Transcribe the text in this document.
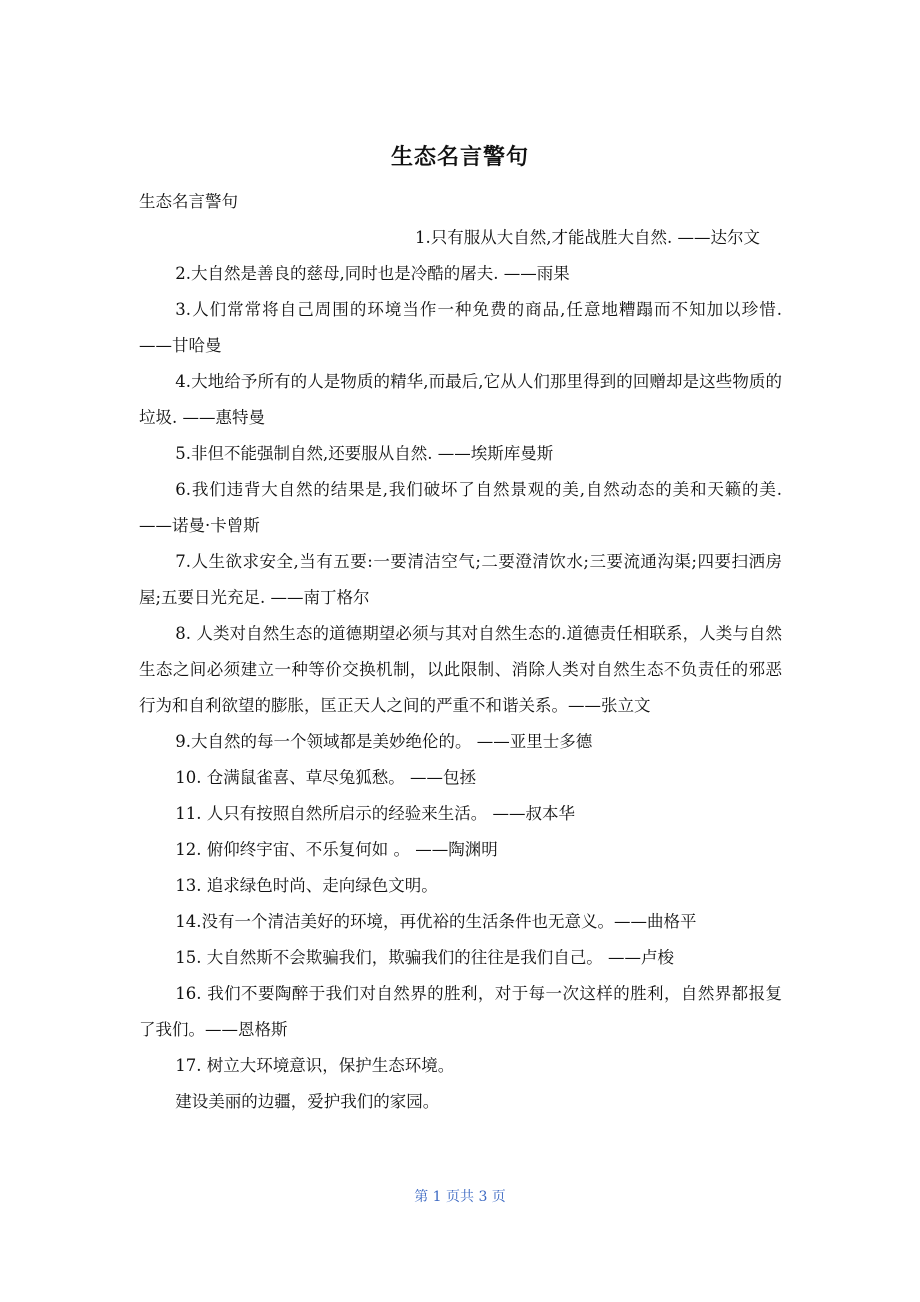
生态名言警句

生态名言警句

1.只有服从大自然,才能战胜大自然. ——达尔文

2.大自然是善良的慈母,同时也是冷酷的屠夫. ——雨果

3.人们常常将自己周围的环境当作一种免费的商品,任意地糟蹋而不知加以珍惜. ——甘哈曼

4.大地给予所有的人是物质的精华,而最后,它从人们那里得到的回赠却是这些物质的垃圾. ——惠特曼

5.非但不能强制自然,还要服从自然. ——埃斯库曼斯

6.我们违背大自然的结果是,我们破坏了自然景观的美,自然动态的美和天籁的美. ——诺曼·卡曾斯

7.人生欲求安全,当有五要:一要清洁空气;二要澄清饮水;三要流通沟渠;四要扫洒房屋;五要日光充足. ——南丁格尔

8. 人类对自然生态的道德期望必须与其对自然生态的.道德责任相联系，人类与自然生态之间必须建立一种等价交换机制，以此限制、消除人类对自然生态不负责任的邪恶行为和自利欲望的膨胀，匡正天人之间的严重不和谐关系。——张立文

9.大自然的每一个领域都是美妙绝伦的。 ——亚里士多德

10. 仓满鼠雀喜、草尽兔狐愁。 ——包拯

11. 人只有按照自然所启示的经验来生活。 ——叔本华

12. 俯仰终宇宙、不乐复何如 。 ——陶渊明

13. 追求绿色时尚、走向绿色文明。

14.没有一个清洁美好的环境，再优裕的生活条件也无意义。——曲格平

15. 大自然斯不会欺骗我们，欺骗我们的往往是我们自己。 ——卢梭

16. 我们不要陶醉于我们对自然界的胜利，对于每一次这样的胜利，自然界都报复了我们。——恩格斯

17. 树立大环境意识，保护生态环境。

建设美丽的边疆，爱护我们的家园。

第 1 页共 3 页
